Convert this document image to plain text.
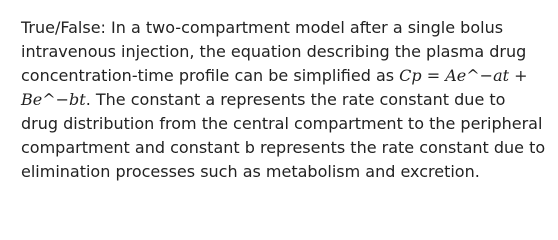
True/False: In a two-compartment model after a single bolus
intravenous injection, the equation describing the plasma drug
concentration-time profile can be simplified as Cp = Ae^−at +
Be^−bt. The constant a represents the rate constant due to
drug distribution from the central compartment to the peripheral
compartment and constant b represents the rate constant due to
elimination processes such as metabolism and excretion.
